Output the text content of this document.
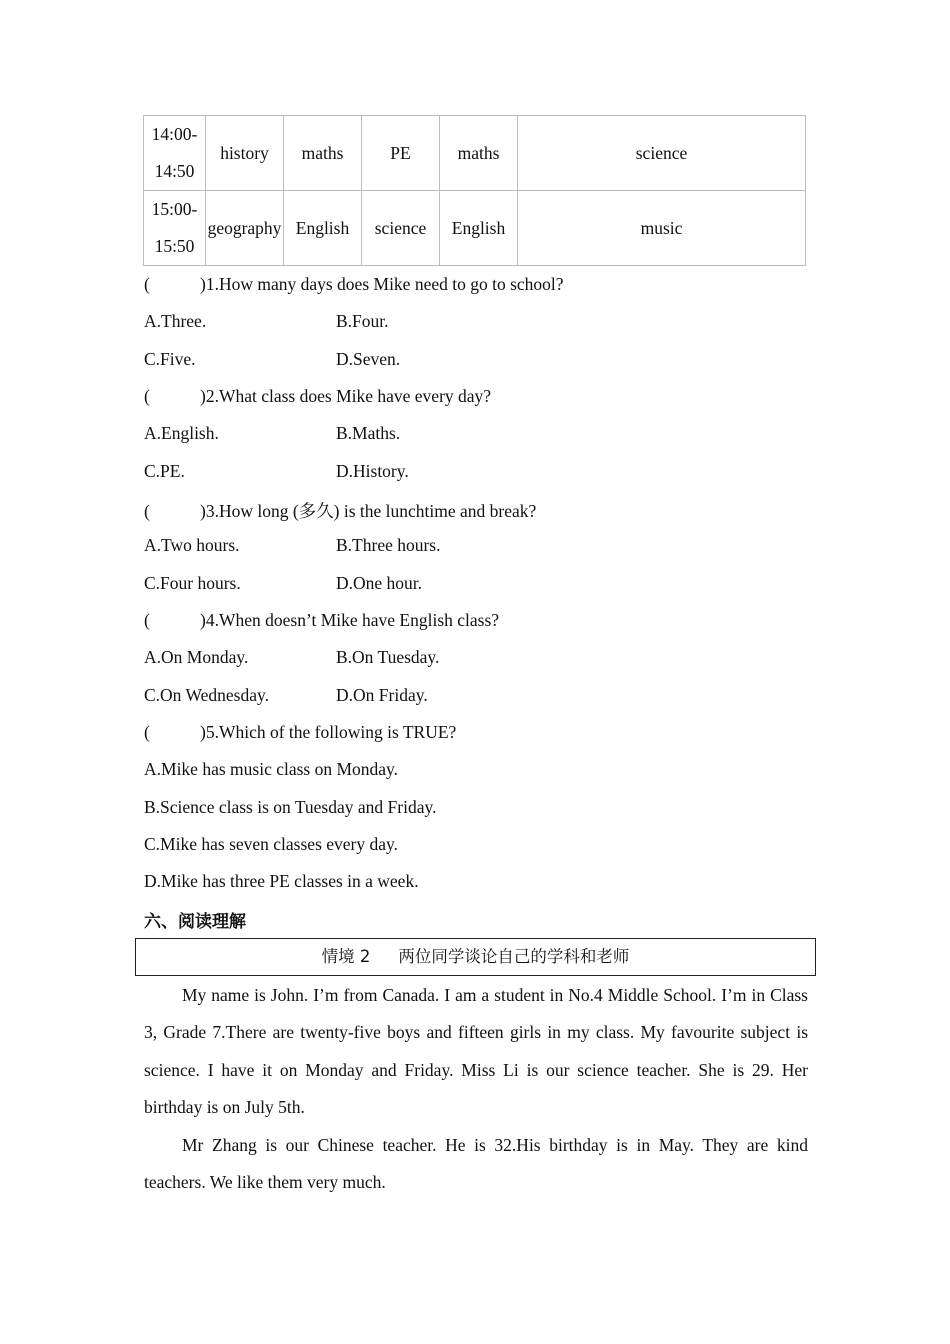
14:00-
14:50	history	maths	PE	maths	science

15:00-
15:50	geography	English	science	English	music
(	)1.How many days does Mike need to go to school?
A.Three.	B.Four.
C.Five.	D.Seven.
(	)2.What class does Mike have every day?
A.English.	B.Maths.
C.PE.	D.History.
(	)3.How long (多久) is the lunchtime and break?
A.Two hours.	B.Three hours.
C.Four hours.	D.One hour.
(	)4.When doesn’t Mike have English class?
A.On Monday.	B.On Tuesday.
C.On Wednesday.	D.On Friday.
(	)5.Which of the following is TRUE?
A.Mike has music class on Monday.
B.Science class is on Tuesday and Friday.
C.Mike has seven classes every day.
D.Mike has three PE classes in a week.
六、阅读理解
情境 2 两位同学谈论自己的学科和老师

My name is John. I’m from Canada. I am a student in No.4 Middle School. I’m in Class 3, Grade 7.There are twenty-five boys and fifteen girls in my class. My favourite subject is science. I have it on Monday and Friday. Miss Li is our science teacher. She is 29. Her birthday is on July 5th.

Mr Zhang is our Chinese teacher. He is 32.His birthday is in May. They are kind teachers. We like them very much.
